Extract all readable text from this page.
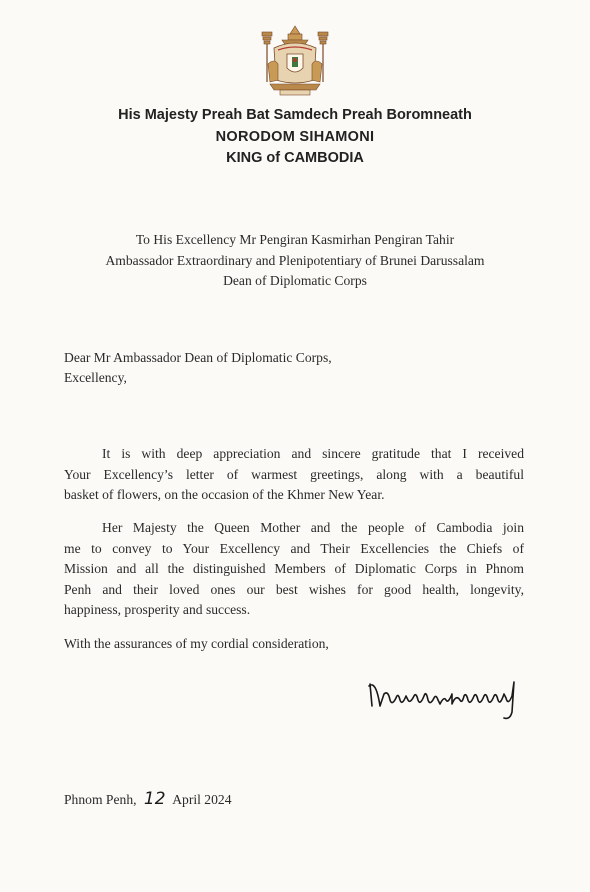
His Majesty Preah Bat Samdech Preah Boromneath
NORODOM SIHAMONI
KING of CAMBODIA
To His Excellency Mr Pengiran Kasmirhan Pengiran Tahir
Ambassador Extraordinary and Plenipotentiary of Brunei Darussalam
Dean of Diplomatic Corps
Dear Mr Ambassador Dean of Diplomatic Corps,
Excellency,
It is with deep appreciation and sincere gratitude that I received
Your Excellency’s letter of warmest greetings, along with a beautiful
basket of flowers, on the occasion of the Khmer New Year.
Her Majesty the Queen Mother and the people of Cambodia join
me to convey to Your Excellency and Their Excellencies the Chiefs of
Mission and all the distinguished Members of Diplomatic Corps in Phnom
Penh and their loved ones our best wishes for good health, longevity,
happiness, prosperity and success.
With the assurances of my cordial consideration,
Phnom Penh, 12 April 2024
